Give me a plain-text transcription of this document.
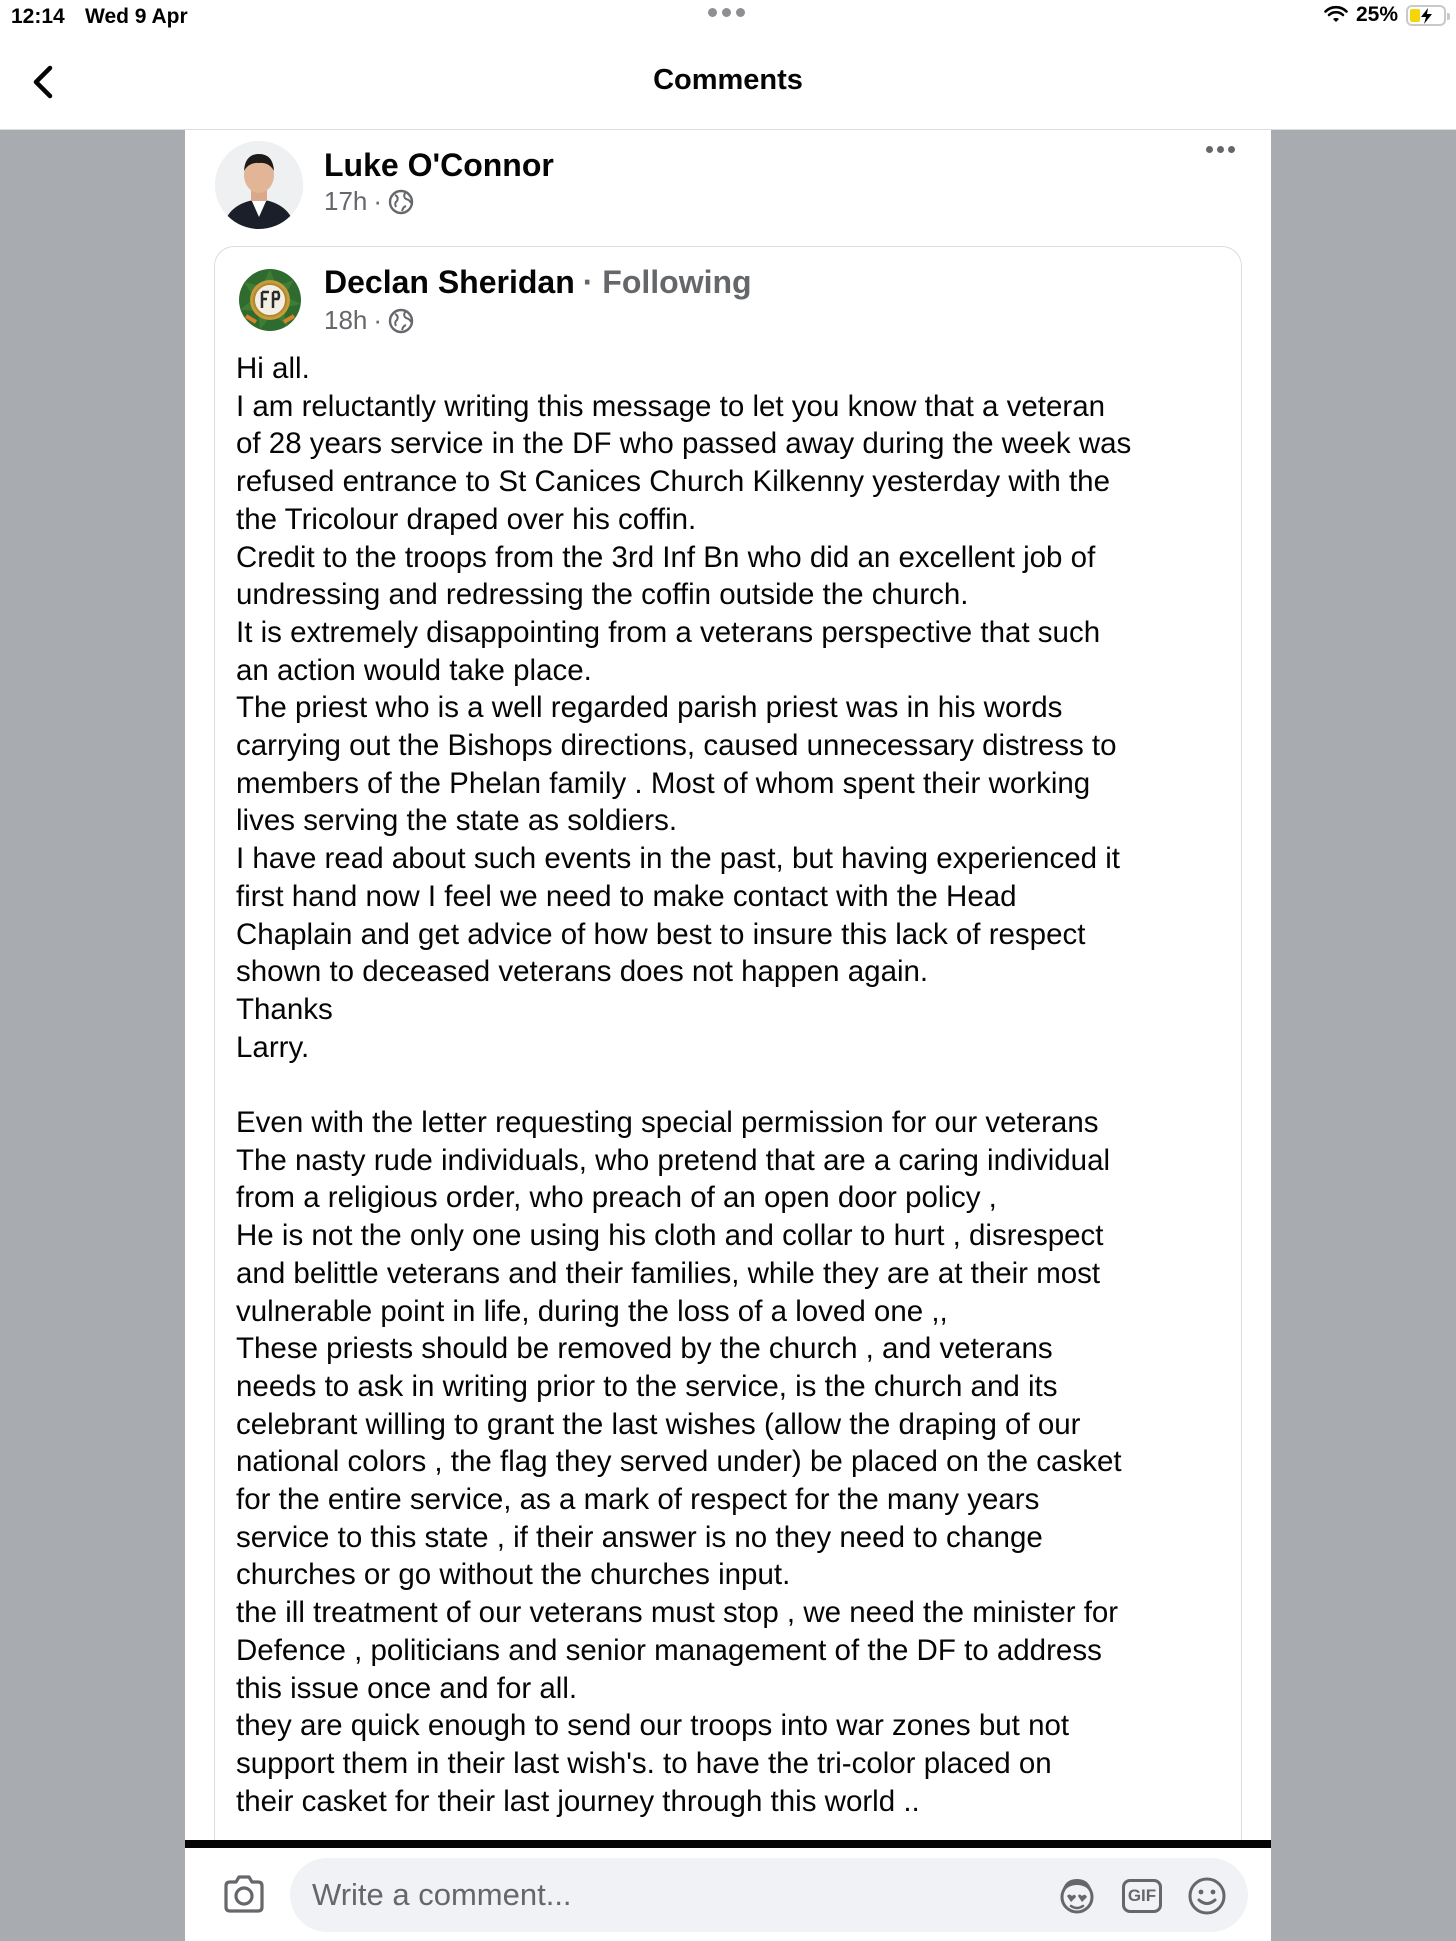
12:14 Wed 9 Apr	25%
Comments
Luke O'Connor
17h ·
Declan Sheridan · Following
18h ·

Hi all.

I am reluctantly writing this message to let you know that a veteran

of 28 years service in the DF who passed away during the week was

refused entrance to St Canices Church Kilkenny yesterday with the

the Tricolour draped over his coffin.

Credit to the troops from the 3rd Inf Bn who did an excellent job of

undressing and redressing the coffin outside the church.

It is extremely disappointing from a veterans perspective that such

an action would take place.

The priest who is a well regarded parish priest was in his words

carrying out the Bishops directions, caused unnecessary distress to

members of the Phelan family . Most of whom spent their working

lives serving the state as soldiers.

I have read about such events in the past, but having experienced it

first hand now I feel we need to make contact with the Head

Chaplain and get advice of how best to insure this lack of respect

shown to deceased veterans does not happen again.

Thanks

Larry.

Even with the letter requesting special permission for our veterans

The nasty rude individuals, who pretend that are a caring individual

from a religious order, who preach of an open door policy ,

He is not the only one using his cloth and collar to hurt , disrespect

and belittle veterans and their families, while they are at their most

vulnerable point in life, during the loss of a loved one ,,

These priests should be removed by the church , and veterans

needs to ask in writing prior to the service, is the church and its

celebrant willing to grant the last wishes (allow the draping of our

national colors , the flag they served under) be placed on the casket

for the entire service, as a mark of respect for the many years

service to this state , if their answer is no they need to change

churches or go without the churches input.

the ill treatment of our veterans must stop , we need the minister for

Defence , politicians and senior management of the DF to address

this issue once and for all.

they are quick enough to send our troops into war zones but not

support them in their last wish's. to have the tri-color placed on

their casket for their last journey through this world ..

Write a comment...
GIF
